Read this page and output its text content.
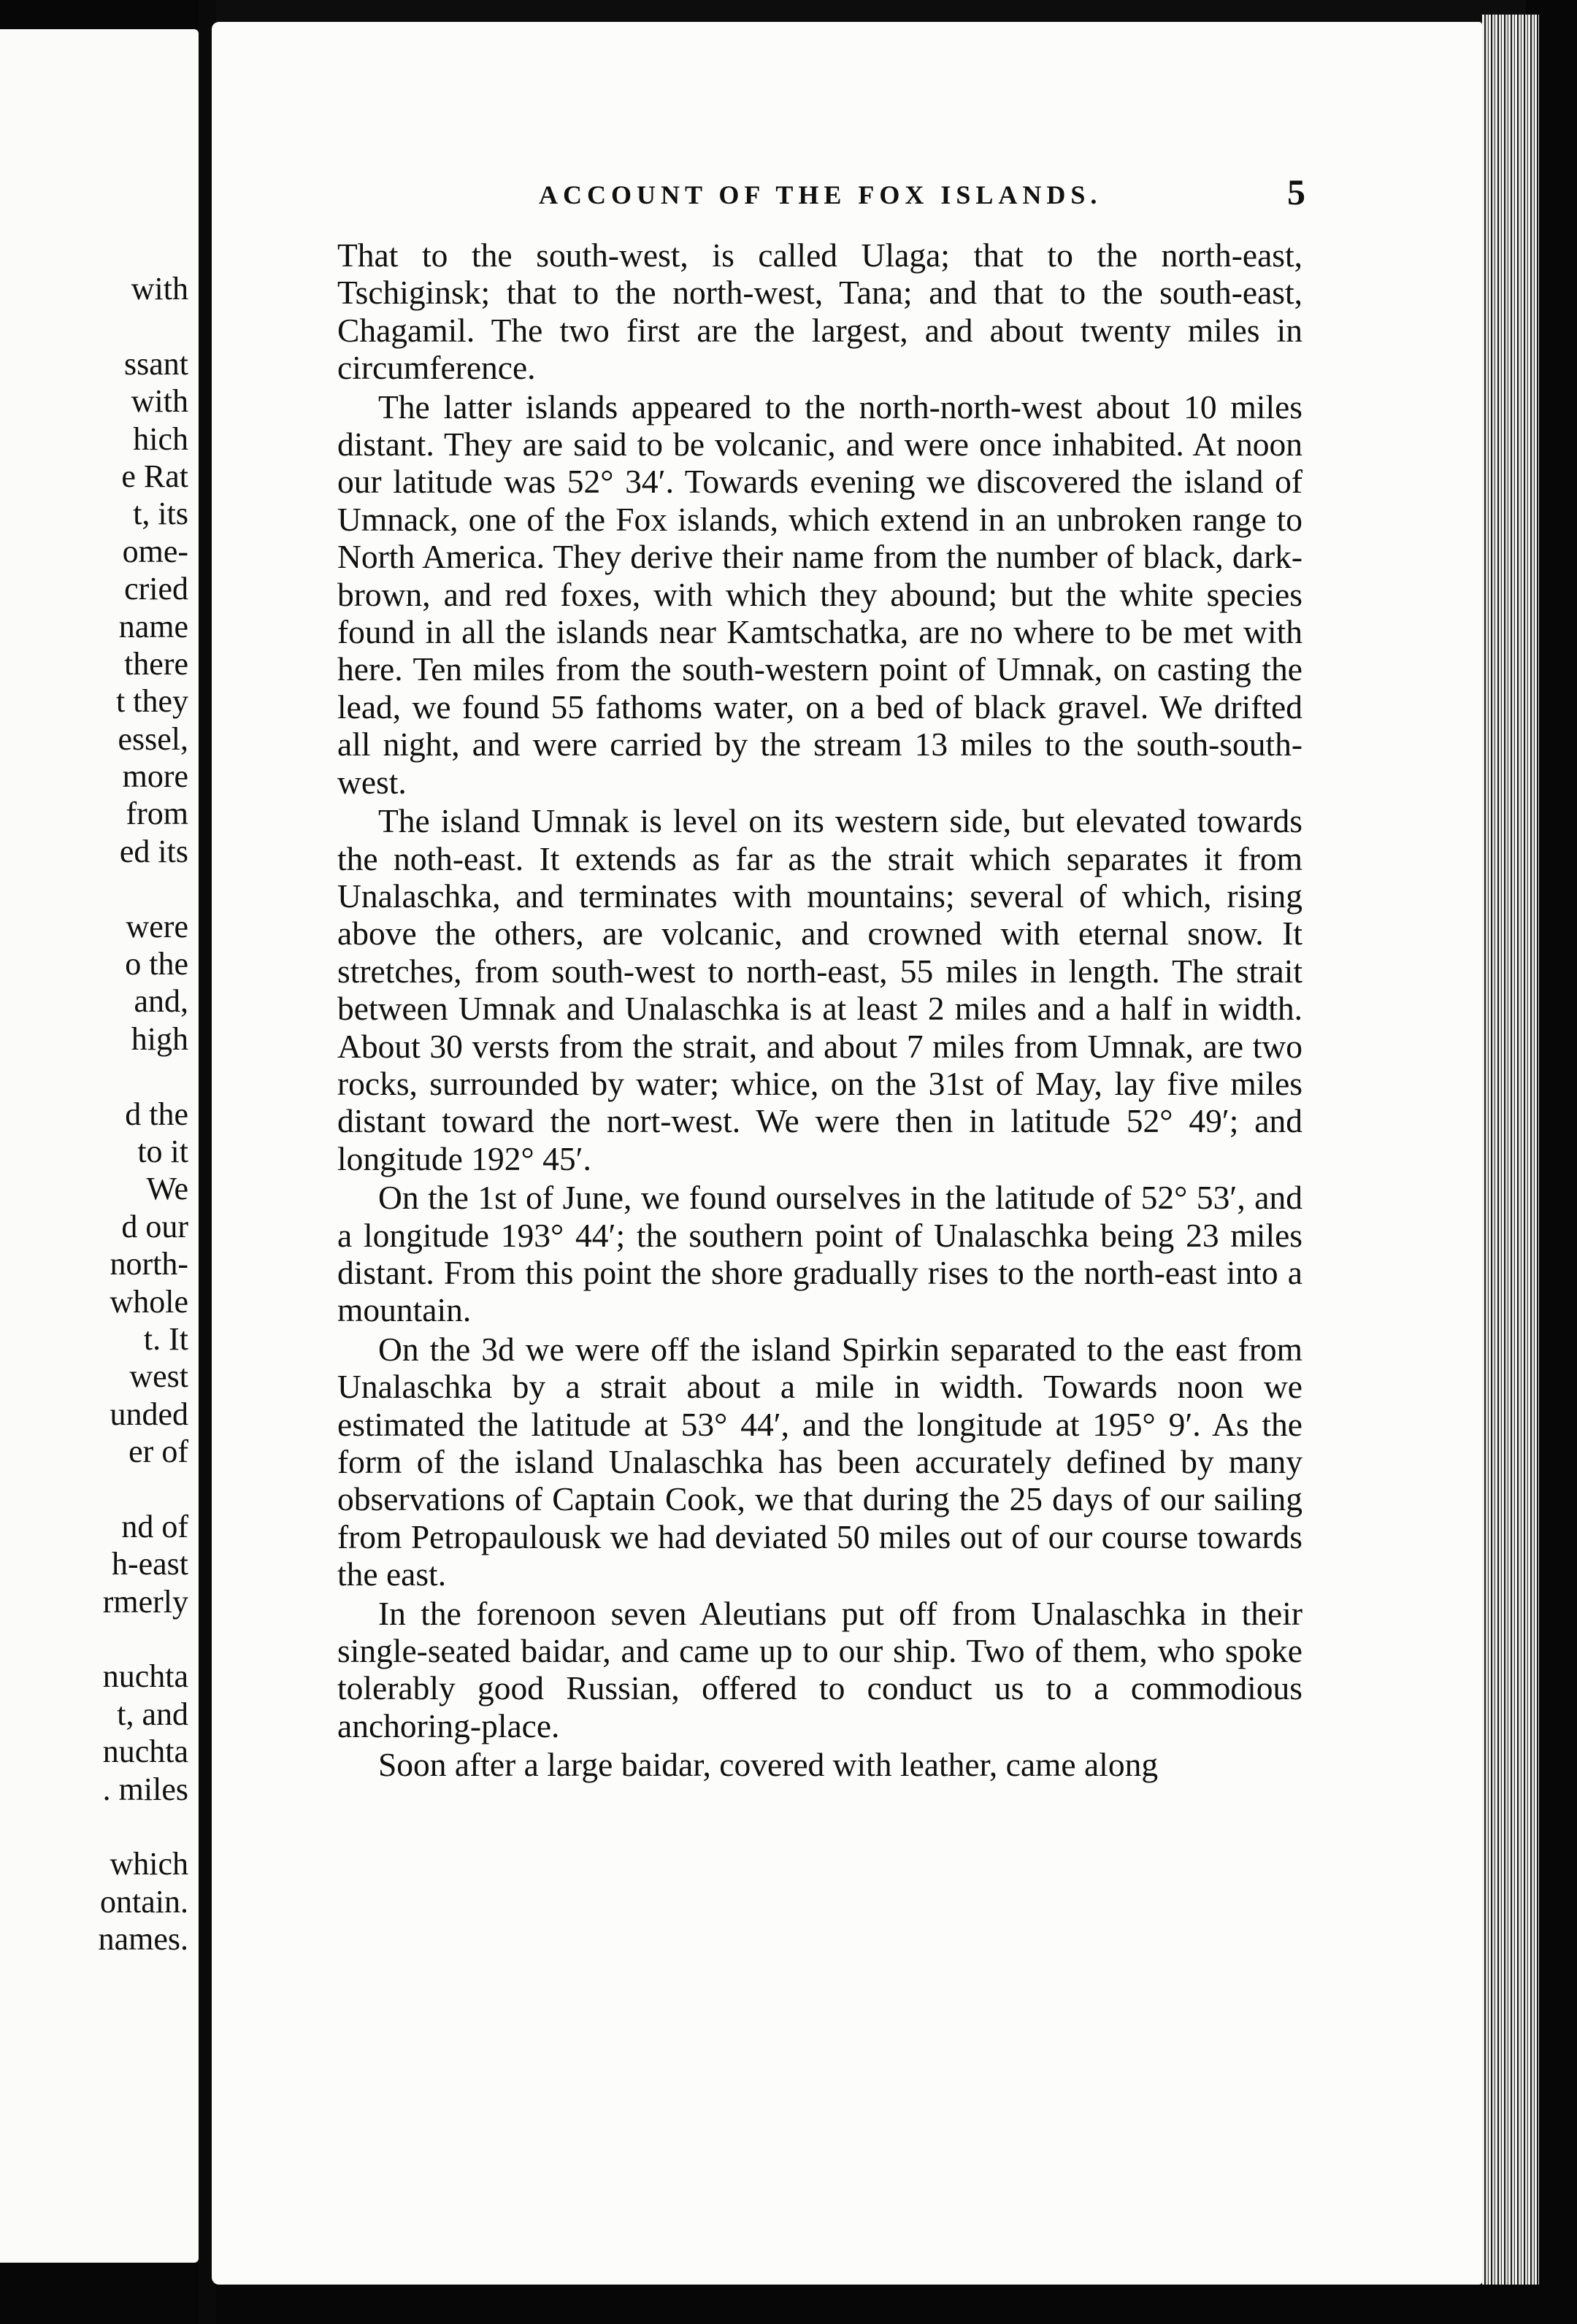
with
ssant
with
hich
e Rat
t, its
ome-
cried
name
there
t they
essel,
more
from
ed its
were
o the
and,
high
d the
to it
We
d our
north-
whole
t. It
west
unded
er of
nd of
h-east
rmerly
nuchta
t, and
nuchta
. miles
which
ontain.
names.
ACCOUNT OF THE FOX ISLANDS.	5

That to the south-west, is called Ulaga; that to the north-east, Tschiginsk; that to the north-west, Tana; and that to the south-east, Chagamil. The two first are the largest, and about twenty miles in circumference.

The latter islands appeared to the north-north-west about 10 miles distant. They are said to be volcanic, and were once inhabited. At noon our latitude was 52° 34′. Towards evening we discovered the island of Umnack, one of the Fox islands, which extend in an unbroken range to North America. They derive their name from the number of black, dark-brown, and red foxes, with which they abound; but the white species found in all the islands near Kamtschatka, are no where to be met with here. Ten miles from the south-western point of Umnak, on casting the lead, we found 55 fathoms water, on a bed of black gravel. We drifted all night, and were carried by the stream 13 miles to the south-south-west.

The island Umnak is level on its western side, but elevated towards the noth-east. It extends as far as the strait which separates it from Unalaschka, and terminates with mountains; several of which, rising above the others, are volcanic, and crowned with eternal snow. It stretches, from south-west to north-east, 55 miles in length. The strait between Umnak and Unalaschka is at least 2 miles and a half in width. About 30 versts from the strait, and about 7 miles from Umnak, are two rocks, surrounded by water; whice, on the 31st of May, lay five miles distant toward the nort-west. We were then in latitude 52° 49′; and longitude 192° 45′.

On the 1st of June, we found ourselves in the latitude of 52° 53′, and a longitude 193° 44′; the southern point of Unalaschka being 23 miles distant. From this point the shore gradually rises to the north-east into a mountain.

On the 3d we were off the island Spirkin separated to the east from Unalaschka by a strait about a mile in width. Towards noon we estimated the latitude at 53° 44′, and the longitude at 195° 9′. As the form of the island Unalaschka has been accurately defined by many observations of Captain Cook, we that during the 25 days of our sailing from Petropaulousk we had deviated 50 miles out of our course towards the east.

In the forenoon seven Aleutians put off from Unalaschka in their single-seated baidar, and came up to our ship. Two of them, who spoke tolerably good Russian, offered to conduct us to a commodious anchoring-place.

Soon after a large baidar, covered with leather, came along
